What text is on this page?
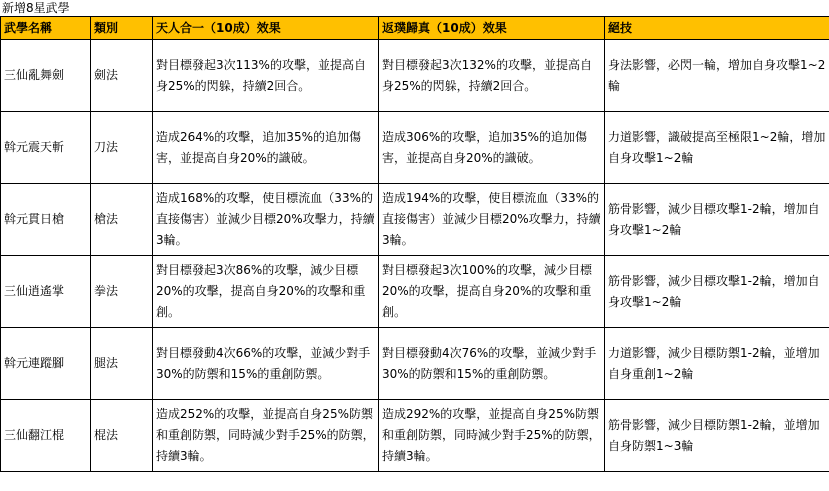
新增8星武學
武學名稱	類別	天人合一（10成）效果	返璞歸真（10成）效果	絕技
三仙亂舞劍	劍法	對目標發起3次113%的攻擊，並提高自身25%的閃躲，持續2回合。	對目標發起3次132%的攻擊，並提高自身25%的閃躲，持續2回合。	身法影響，必閃一輪，增加自身攻擊1~2輪
斡元震天斬	刀法	造成264%的攻擊，追加35%的追加傷害，並提高自身20%的識破。	造成306%的攻擊，追加35%的追加傷害，並提高自身20%的識破。	力道影響，識破提高至極限1~2輪，增加自身攻擊1~2輪
斡元貫日槍	槍法	造成168%的攻擊，使目標流血（33%的直接傷害）並減少目標20%攻擊力，持續3輪。	造成194%的攻擊，使目標流血（33%的直接傷害）並減少目標20%攻擊力，持續3輪。	筋骨影響，減少目標攻擊1-2輪，增加自身攻擊1~2輪
三仙逍遙掌	拳法	對目標發起3次86%的攻擊，減少目標20%的攻擊，提高自身20%的攻擊和重創。	對目標發起3次100%的攻擊，減少目標20%的攻擊，提高自身20%的攻擊和重創。	筋骨影響，減少目標攻擊1-2輪，增加自身攻擊1~2輪
斡元連蹤腳	腿法	對目標發動4次66%的攻擊，並減少對手30%的防禦和15%的重創防禦。	對目標發動4次76%的攻擊，並減少對手30%的防禦和15%的重創防禦。	力道影響，減少目標防禦1-2輪，並增加自身重創1~2輪
三仙翻江棍	棍法	造成252%的攻擊，並提高自身25%防禦和重創防禦，同時減少對手25%的防禦，持續3輪。	造成292%的攻擊，並提高自身25%防禦和重創防禦，同時減少對手25%的防禦，持續3輪。	筋骨影響，減少目標防禦1-2輪，並增加自身防禦1~3輪
